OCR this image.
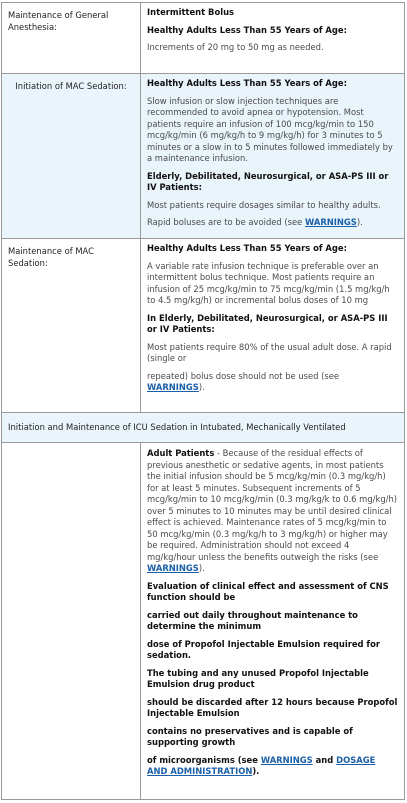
Maintenance of General Anesthesia:

Intermittent Bolus

Healthy Adults Less Than 55 Years of Age:

Increments of 20 mg to 50 mg as needed.

Initiation of MAC Sedation:	Healthy Adults Less Than 55 Years of Age:

Slow infusion or slow injection techniques are recommended to avoid apnea or hypotension. Most patients require an infusion of 100 mcg/kg/min to 150 mcg/kg/min (6 mg/kg/h to 9 mg/kg/h) for 3 minutes to 5 minutes or a slow in to 5 minutes followed immediately by a maintenance infusion.

Elderly, Debilitated, Neurosurgical, or ASA-PS III or IV Patients:

Most patients require dosages similar to healthy adults.

Rapid boluses are to be avoided (see WARNINGS).

Maintenance of MAC Sedation:

Healthy Adults Less Than 55 Years of Age:

A variable rate infusion technique is preferable over an intermittent bolus technique. Most patients require an infusion of 25 mcg/kg/min to 75 mcg/kg/min (1.5 mg/kg/h to 4.5 mg/kg/h) or incremental bolus doses of 10 mg

In Elderly, Debilitated, Neurosurgical, or ASA-PS III or IV Patients:

Most patients require 80% of the usual adult dose. A rapid (single or

repeated) bolus dose should not be used (see WARNINGS).

Initiation and Maintenance of ICU Sedation in Intubated, Mechanically Ventilated

Adult Patients - Because of the residual effects of previous anesthetic or sedative agents, in most patients the initial infusion should be 5 mcg/kg/min (0.3 mg/kg/h) for at least 5 minutes. Subsequent increments of 5 mcg/kg/min to 10 mcg/kg/min (0.3 mg/kg/k to 0.6 mg/kg/h) over 5 minutes to 10 minutes may be until desired clinical effect is achieved. Maintenance rates of 5 mcg/kg/min to 50 mcg/kg/min (0.3 mg/kg/h to 3 mg/kg/h) or higher may be required. Administration should not exceed 4 mg/kg/hour unless the benefits outweigh the risks (see WARNINGS).

Evaluation of clinical effect and assessment of CNS function should be

carried out daily throughout maintenance to determine the minimum

dose of Propofol Injectable Emulsion required for sedation.

The tubing and any unused Propofol Injectable Emulsion drug product

should be discarded after 12 hours because Propofol Injectable Emulsion

contains no preservatives and is capable of supporting growth

of microorganisms (see WARNINGS and DOSAGE AND ADMINISTRATION).
